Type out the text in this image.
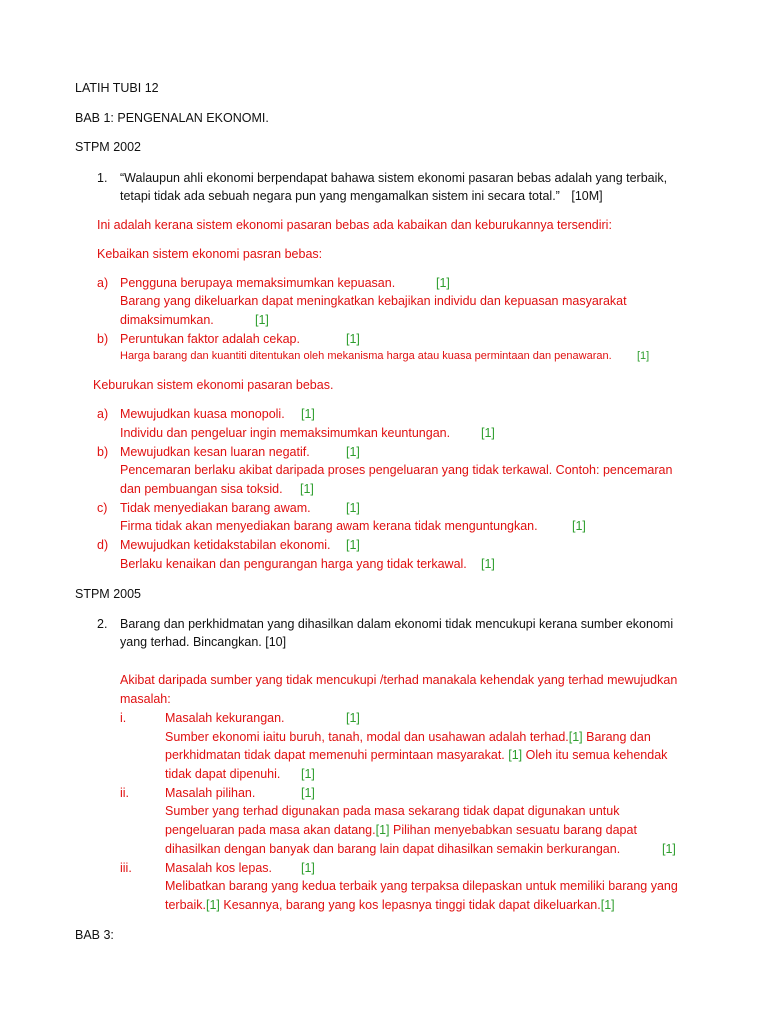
LATIH TUBI 12
BAB 1: PENGENALAN EKONOMI.
STPM 2002
1. “Walaupun ahli ekonomi berpendapat bahawa sistem ekonomi pasaran bebas adalah yang terbaik,
tetapi tidak ada sebuah negara pun yang mengamalkan sistem ini secara total.” [10M]
Ini adalah kerana sistem ekonomi pasaran bebas ada kabaikan dan keburukannya tersendiri:
Kebaikan sistem ekonomi pasran bebas:
a) Pengguna berupaya memaksimumkan kepuasan.	[1]
Barang yang dikeluarkan dapat meningkatkan kebajikan individu dan kepuasan masyarakat
dimaksimumkan.	[1]
b) Peruntukan faktor adalah cekap.	[1]
Harga barang dan kuantiti ditentukan oleh mekanisma harga atau kuasa permintaan dan penawaran. [1]
Keburukan sistem ekonomi pasaran bebas.
a) Mewujudkan kuasa monopoli. [1]
Individu dan pengeluar ingin memaksimumkan keuntungan. [1]
b) Mewujudkan kesan luaran negatif.	[1]
Pencemaran berlaku akibat daripada proses pengeluaran yang tidak terkawal. Contoh: pencemaran
dan pembuangan sisa toksid. [1]
c) Tidak menyediakan barang awam.	[1]
Firma tidak akan menyediakan barang awam kerana tidak menguntungkan.	[1]
d) Mewujudkan ketidakstabilan ekonomi. [1]
Berlaku kenaikan dan pengurangan harga yang tidak terkawal. [1]
STPM 2005
2. Barang dan perkhidmatan yang dihasilkan dalam ekonomi tidak mencukupi kerana sumber ekonomi
yang terhad. Bincangkan. [10]
Akibat daripada sumber yang tidak mencukupi /terhad manakala kehendak yang terhad mewujudkan
masalah:
i.	Masalah kekurangan.	[1]
Sumber ekonomi iaitu buruh, tanah, modal dan usahawan adalah terhad.[1] Barang dan
perkhidmatan tidak dapat memenuhi permintaan masyarakat. [1] Oleh itu semua kehendak
tidak dapat dipenuhi. [1]
ii.	Masalah pilihan.	[1]
Sumber yang terhad digunakan pada masa sekarang tidak dapat digunakan untuk
pengeluaran pada masa akan datang.[1] Pilihan menyebabkan sesuatu barang dapat
dihasilkan dengan banyak dan barang lain dapat dihasilkan semakin berkurangan.	[1]
iii.	Masalah kos lepas. [1]
Melibatkan barang yang kedua terbaik yang terpaksa dilepaskan untuk memiliki barang yang
terbaik.[1] Kesannya, barang yang kos lepasnya tinggi tidak dapat dikeluarkan.[1]
BAB 3:
